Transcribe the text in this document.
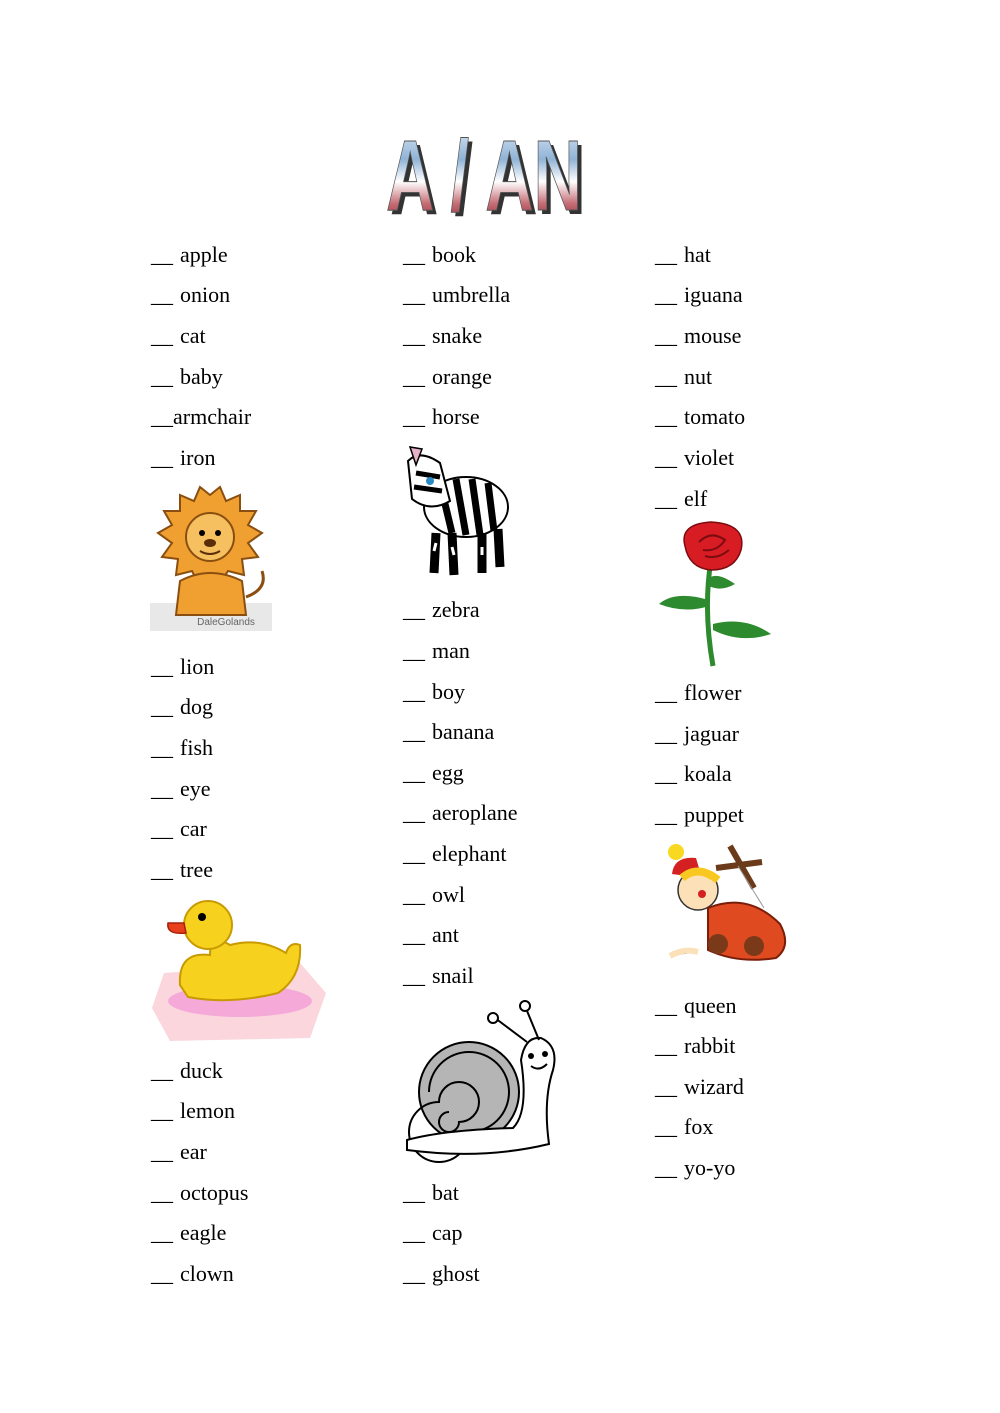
A / AN
A / AN
__ apple
__ onion
__ cat
__ baby
__armchair
__ iron
__ lion
__ dog
__ fish
__ eye
__ car
__ tree
__ duck
__ lemon
__ ear
__ octopus
__ eagle
__ clown
__ book
__ umbrella
__ snake
__ orange
__ horse
__ zebra
__ man
__ boy
__ banana
__ egg
__ aeroplane
__ elephant
__ owl
__ ant
__ snail
__ bat
__ cap
__ ghost
__ hat
__ iguana
__ mouse
__ nut
__ tomato
__ violet
__ elf
__ flower
__ jaguar
__ koala
__ puppet
__ queen
__ rabbit
__ wizard
__ fox
__ yo-yo
DaleGolands
